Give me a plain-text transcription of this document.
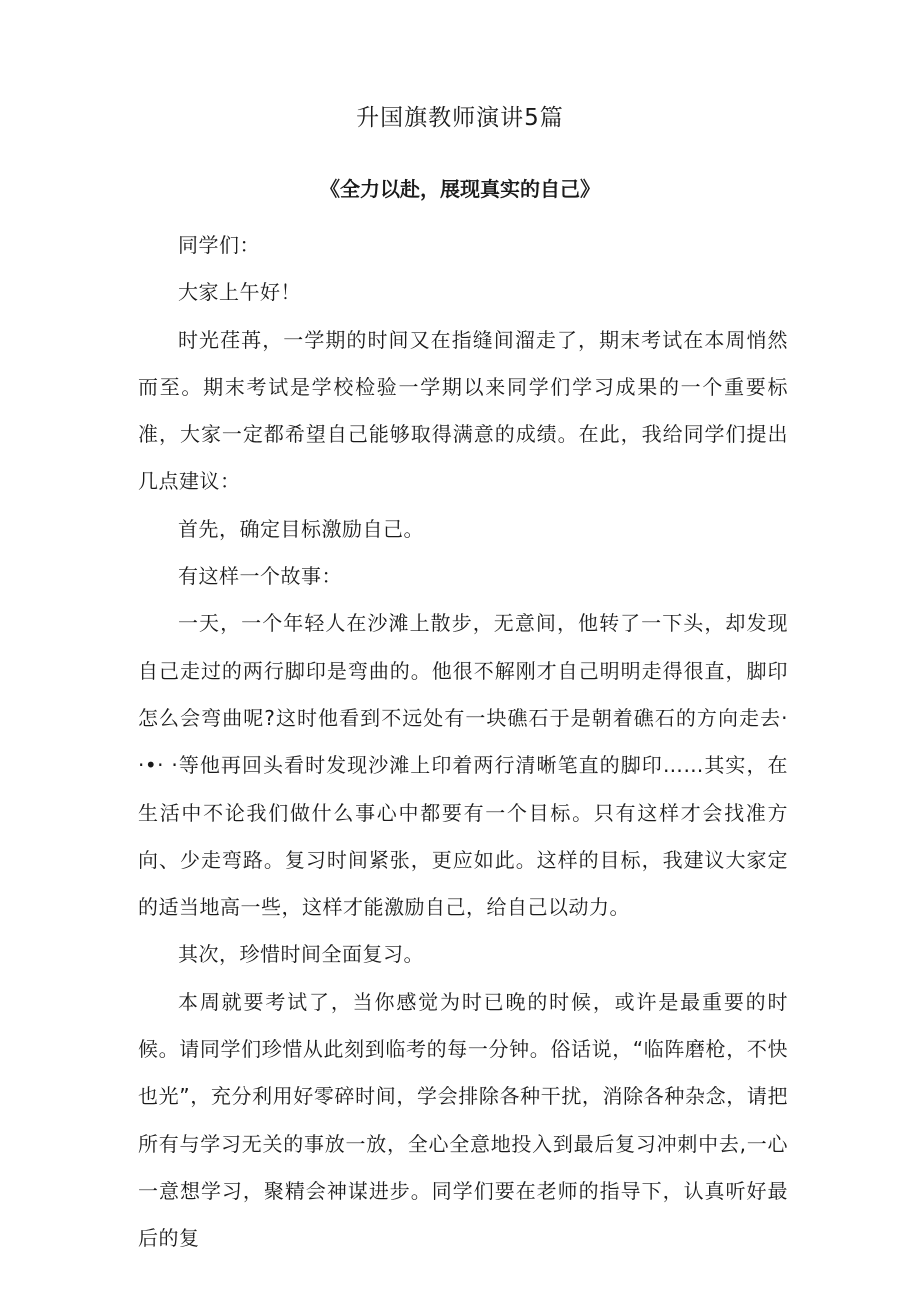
升国旗教师演讲5篇
《全力以赴，展现真实的自己》

同学们：

大家上午好！

时光荏苒，一学期的时间又在指缝间溜走了，期末考试在本周悄然而至。期末考试是学校检验一学期以来同学们学习成果的一个重要标准，大家一定都希望自己能够取得满意的成绩。在此，我给同学们提出几点建议：

首先，确定目标激励自己。

有这样一个故事：

一天，一个年轻人在沙滩上散步，无意间，他转了一下头，却发现自己走过的两行脚印是弯曲的。他很不解刚才自己明明走得很直，脚印怎么会弯曲呢?这时他看到不远处有一块礁石于是朝着礁石的方向走去· ·•· ·等他再回头看时发现沙滩上印着两行清晰笔直的脚印……其实，在生活中不论我们做什么事心中都要有一个目标。只有这样才会找准方向、少走弯路。复习时间紧张，更应如此。这样的目标，我建议大家定的适当地高一些，这样才能激励自己，给自己以动力。

其次，珍惜时间全面复习。

本周就要考试了，当你感觉为时已晚的时候，或许是最重要的时候。请同学们珍惜从此刻到临考的每一分钟。俗话说，“临阵磨枪，不快也光”，充分利用好零碎时间，学会排除各种干扰，消除各种杂念，请把所有与学习无关的事放一放，全心全意地投入到最后复习冲刺中去,一心一意想学习，聚精会神谋进步。同学们要在老师的指导下，认真听好最后的复
